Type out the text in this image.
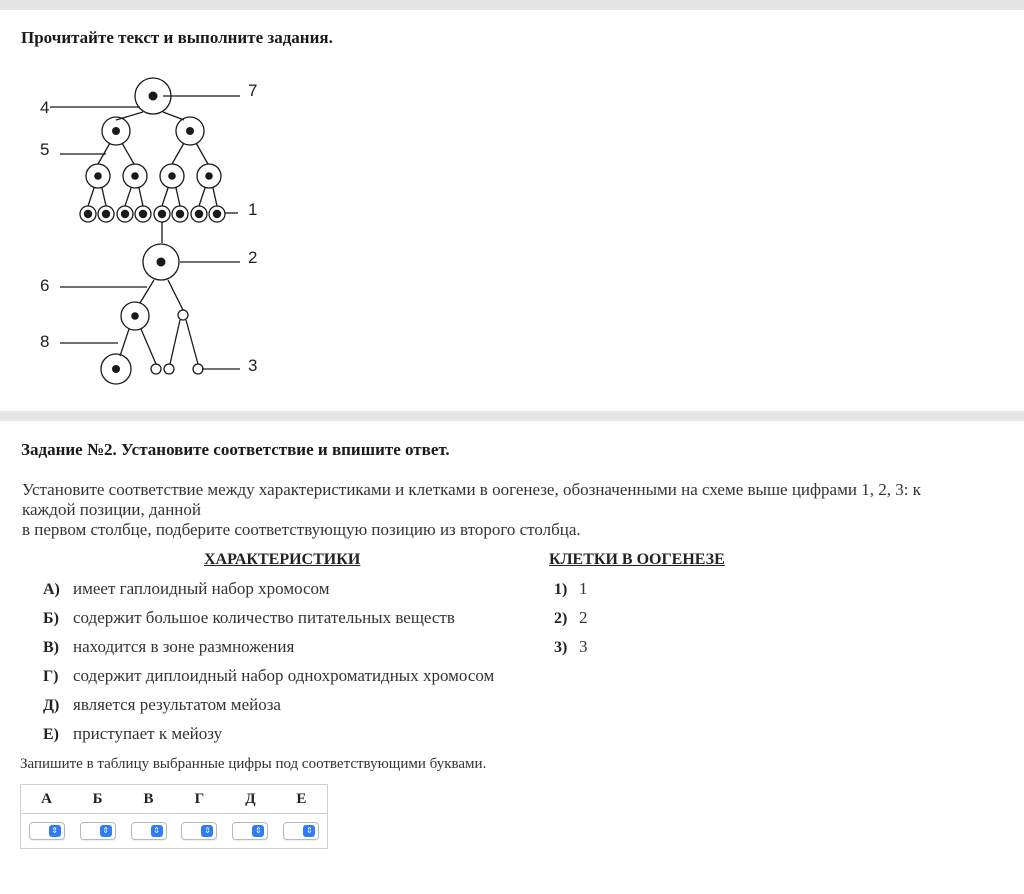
Прочитайте текст и выполните задания.
4
5
6
8
7
1
2
3
Задание №2. Установите соответствие и впишите ответ.
Установите соответствие между характеристиками и клетками в оогенезе, обозначенными на схеме выше цифрами 1, 2, 3: к
каждой позиции, данной
в первом столбце, подберите соответствующую позицию из второго столбца.
ХАРАКТЕРИСТИКИ	КЛЕТКИ В ООГЕНЕЗЕ
А) имеет гаплоидный набор хромосом
Б) содержит большое количество питательных веществ
В) находится в зоне размножения
Г) содержит диплоидный набор однохроматидных хромосом
Д) является результатом мейоза
Е) приступает к мейозу
1) 1
2) 2
3) 3
Запишите в таблицу выбранные цифры под соответствующими буквами.
А	Б	В	Г	Д	Е

⇕	⇕	⇕	⇕	⇕	⇕
